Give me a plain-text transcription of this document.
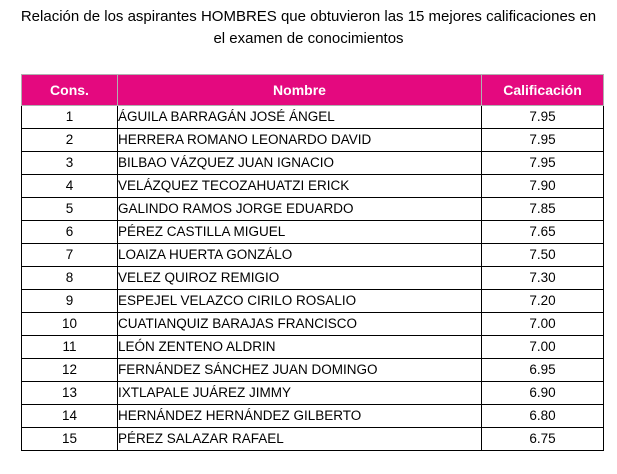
Relación de los aspirantes HOMBRES que obtuvieron las 15 mejores calificaciones en
el examen de conocimientos
Cons.	Nombre	Calificación
1	ÁGUILA BARRAGÁN JOSÉ ÁNGEL	7.95
2	HERRERA ROMANO LEONARDO DAVID	7.95
3	BILBAO VÁZQUEZ JUAN IGNACIO	7.95
4	VELÁZQUEZ TECOZAHUATZI ERICK	7.90
5	GALINDO RAMOS JORGE EDUARDO	7.85
6	PÉREZ CASTILLA MIGUEL	7.65
7	LOAIZA HUERTA GONZÁLO	7.50
8	VELEZ QUIROZ REMIGIO	7.30
9	ESPEJEL VELAZCO CIRILO ROSALIO	7.20
10	CUATIANQUIZ BARAJAS FRANCISCO	7.00
11	LEÓN ZENTENO ALDRIN	7.00
12	FERNÁNDEZ SÁNCHEZ JUAN DOMINGO	6.95
13	IXTLAPALE JUÁREZ JIMMY	6.90
14	HERNÁNDEZ HERNÁNDEZ GILBERTO	6.80
15	PÉREZ SALAZAR RAFAEL	6.75
